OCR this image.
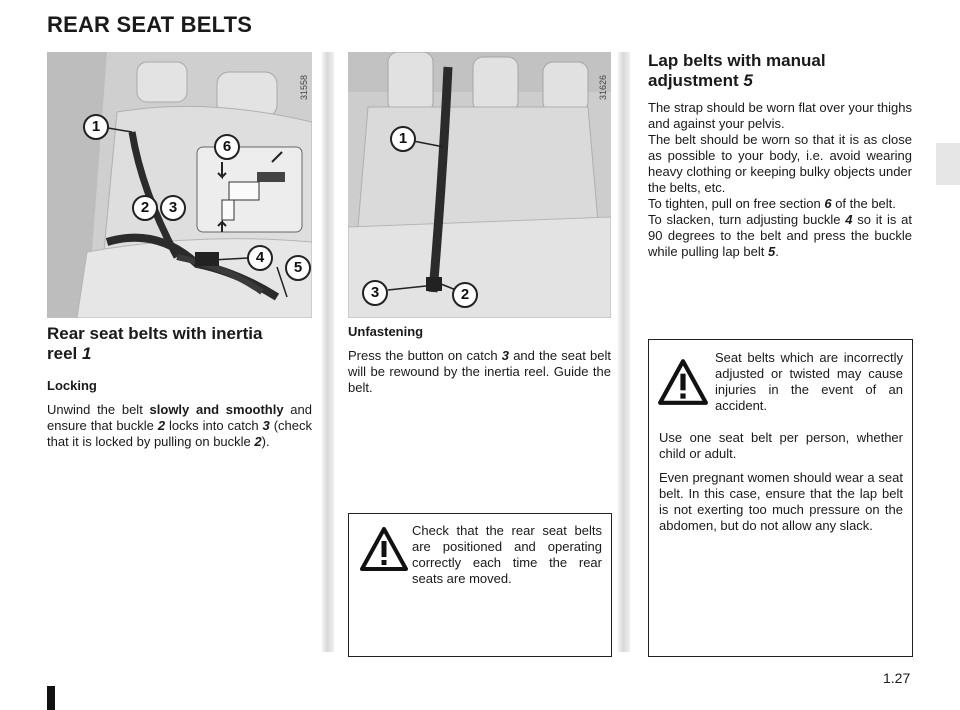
REAR SEAT BELTS
31558
1
6
2	3
4
5
31626
1
3	2
Rear seat belts with inertia
reel 1
Locking

Unwind the belt slowly and smoothly and ensure that buckle 2 locks into catch 3 (check that it is locked by pulling on buckle 2).

Unfastening

Press the button on catch 3 and the seat belt will be rewound by the inertia reel. Guide the belt.

Check that the rear seat belts are positioned and operating correctly each time the rear seats are moved.

Lap belts with manual
adjustment 5

The strap should be worn flat over your thighs and against your pelvis.

The belt should be worn so that it is as close as possible to your body, i.e. avoid wearing heavy clothing or keeping bulky objects under the belts, etc.

To tighten, pull on free section 6 of the belt.

To slacken, turn adjusting buckle 4 so it is at 90 degrees to the belt and press the buckle while pulling lap belt 5.

Seat belts which are incorrectly adjusted or twisted may cause injuries in the event of an accident.

Use one seat belt per person, whether child or adult.

Even pregnant women should wear a seat belt. In this case, ensure that the lap belt is not exerting too much pressure on the abdomen, but do not allow any slack.

1.27
